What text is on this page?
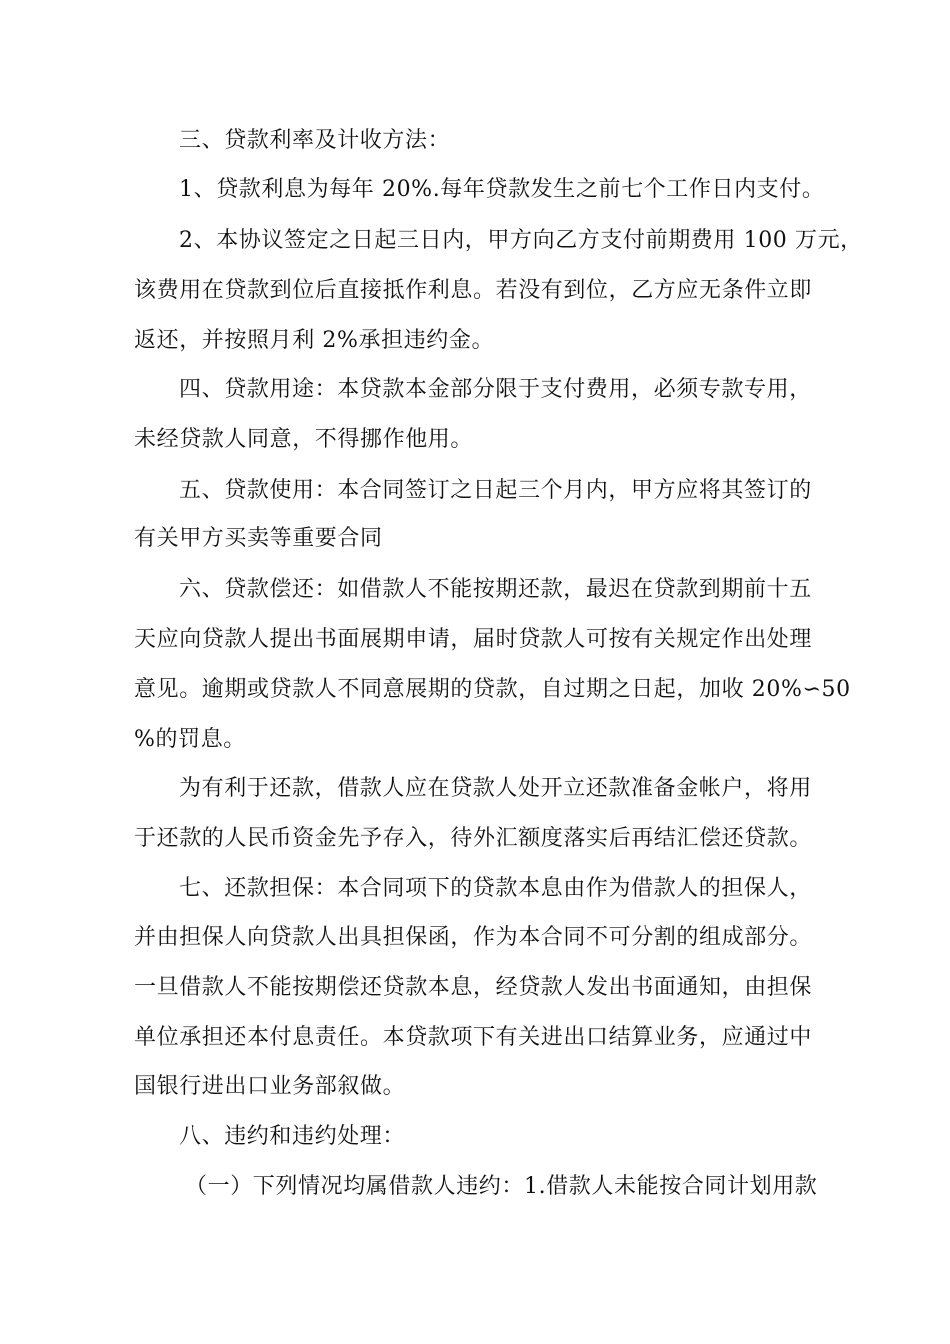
三、贷款利率及计收方法：
1、贷款利息为每年 20%.每年贷款发生之前七个工作日内支付。
2、本协议签定之日起三日内，甲方向乙方支付前期费用 100 万元，
该费用在贷款到位后直接抵作利息。若没有到位，乙方应无条件立即
返还，并按照月利 2%承担违约金。
四、贷款用途：本贷款本金部分限于支付费用，必须专款专用，
未经贷款人同意，不得挪作他用。
五、贷款使用：本合同签订之日起三个月内，甲方应将其签订的
有关甲方买卖等重要合同
六、贷款偿还：如借款人不能按期还款，最迟在贷款到期前十五
天应向贷款人提出书面展期申请，届时贷款人可按有关规定作出处理
意见。逾期或贷款人不同意展期的贷款，自过期之日起，加收 20%∽50
%的罚息。
为有利于还款，借款人应在贷款人处开立还款准备金帐户，将用
于还款的人民币资金先予存入，待外汇额度落实后再结汇偿还贷款。
七、还款担保：本合同项下的贷款本息由作为借款人的担保人，
并由担保人向贷款人出具担保函，作为本合同不可分割的组成部分。
一旦借款人不能按期偿还贷款本息，经贷款人发出书面通知，由担保
单位承担还本付息责任。本贷款项下有关进出口结算业务，应通过中
国银行进出口业务部叙做。
八、违约和违约处理：
（一）下列情况均属借款人违约：1.借款人未能按合同计划用款
